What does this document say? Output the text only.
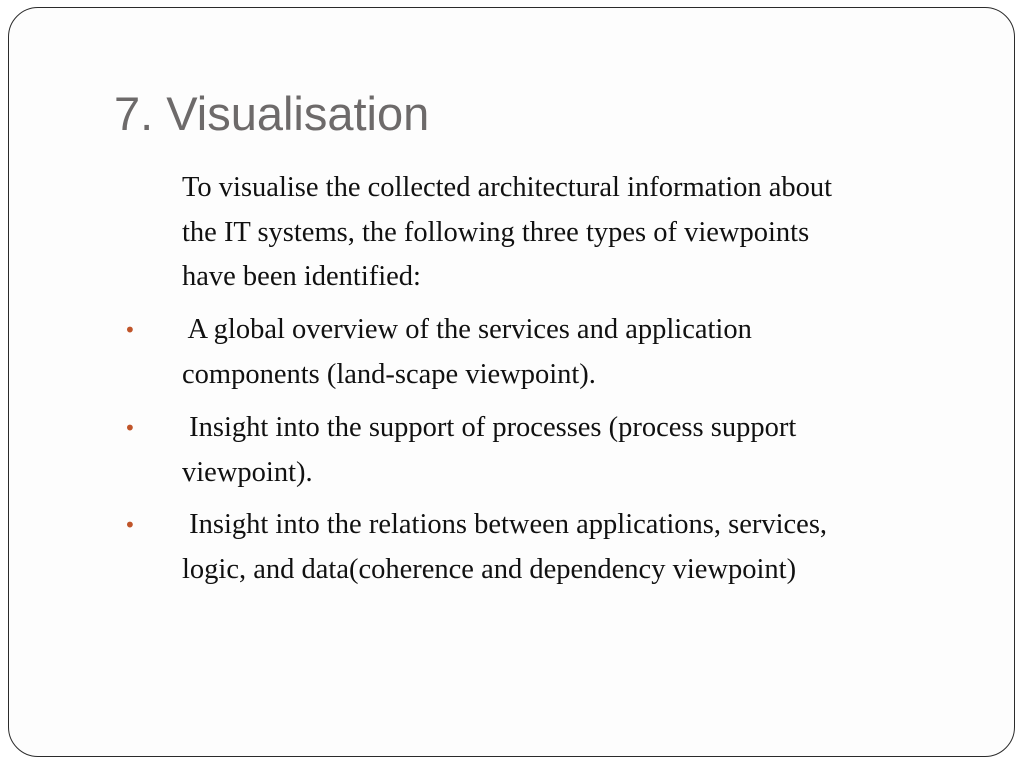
7. Visualisation
To visualise the collected architectural information about
the IT systems, the following three types of viewpoints
have been identified:
• A global overview of the services and application
components (land-scape viewpoint).
• Insight into the support of processes (process support
viewpoint).
• Insight into the relations between applications, services,
logic, and data(coherence and dependency viewpoint)
